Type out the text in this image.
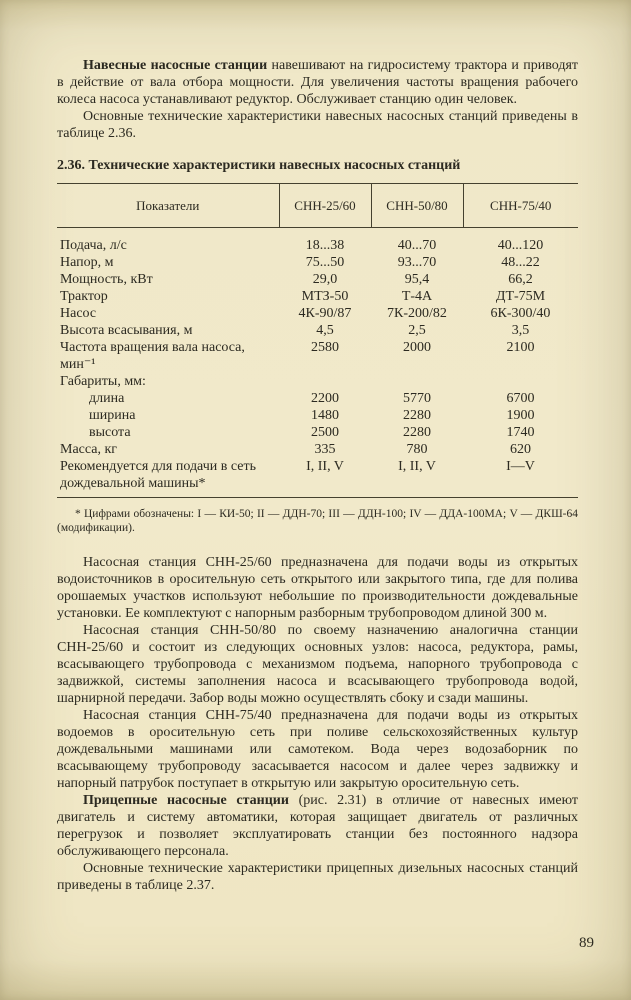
Навесные насосные станции навешивают на гидросистему трактора и приводят в действие от вала отбора мощности. Для увеличения частоты вращения рабочего колеса насоса устанавливают редуктор. Обслуживает станцию один человек.

Основные технические характеристики навесных насосных станций приведены в таблице 2.36.

2.36. Технические характеристики навесных насосных станций

Показатели	СНН-25/60	СНН-50/80	СНН-75/40
Подача, л/с	18...38	40...70	40...120
Напор, м	75...50	93...70	48...22
Мощность, кВт	29,0	95,4	66,2
Трактор	МТЗ-50	Т-4А	ДТ-75М
Насос	4К-90/87	7К-200/82	6К-300/40
Высота всасывания, м	4,5	2,5	3,5
Частота вращения вала насоса, мин⁻¹	2580	2000	2100
Габариты, мм:			
длина	2200	5770	6700
ширина	1480	2280	1900
высота	2500	2280	1740
Масса, кг	335	780	620
Рекомендуется для подачи в сеть дождевальной машины*	I, II, V	I, II, V	I—V

* Цифрами обозначены: I — КИ-50; II — ДДН-70; III — ДДН-100; IV — ДДА-100МА; V — ДКШ-64 (модификации).

Насосная станция СНН-25/60 предназначена для подачи воды из открытых водоисточников в оросительную сеть открытого или закрытого типа, где для полива орошаемых участков используют небольшие по производительности дождевальные установки. Ее комплектуют с напорным разборным трубопроводом длиной 300 м.

Насосная станция СНН-50/80 по своему назначению аналогична станции СНН-25/60 и состоит из следующих основных узлов: насоса, редуктора, рамы, всасывающего трубопровода с механизмом подъема, напорного трубопровода с задвижкой, системы заполнения насоса и всасывающего трубопровода водой, шарнирной передачи. Забор воды можно осуществлять сбоку и сзади машины.

Насосная станция СНН-75/40 предназначена для подачи воды из открытых водоемов в оросительную сеть при поливе сельскохозяйственных культур дождевальными машинами или самотеком. Вода через водозаборник по всасывающему трубопроводу засасывается насосом и далее через задвижку и напорный патрубок поступает в открытую или закрытую оросительную сеть.

Прицепные насосные станции (рис. 2.31) в отличие от навесных имеют двигатель и систему автоматики, которая защищает двигатель от различных перегрузок и позволяет эксплуатировать станции без постоянного надзора обслуживающего персонала.

Основные технические характеристики прицепных дизельных насосных станций приведены в таблице 2.37.

89
